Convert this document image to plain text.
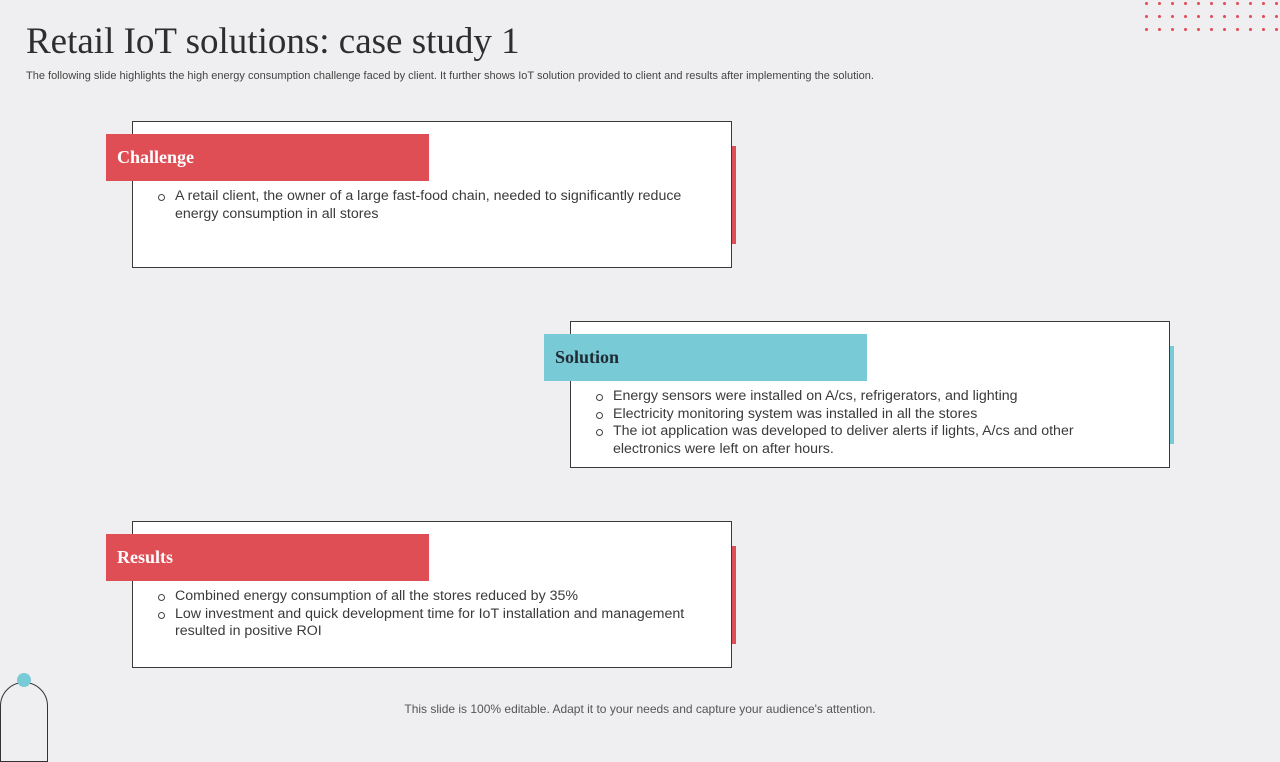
Retail IoT solutions: case study 1

The following slide highlights the high energy consumption challenge faced by client. It further shows IoT solution provided to client and results after implementing the solution.

Challenge
A retail client, the owner of a large fast-food chain, needed to significantly reduce energy consumption in all stores
Solution
Energy sensors were installed on A/cs, refrigerators, and lighting
Electricity monitoring system was installed in all the stores
The iot application was developed to deliver alerts if lights, A/cs and other electronics were left on after hours.
Results
Combined energy consumption of all the stores reduced by 35%
Low investment and quick development time for IoT installation and management resulted in positive ROI

This slide is 100% editable. Adapt it to your needs and capture your audience's attention.
